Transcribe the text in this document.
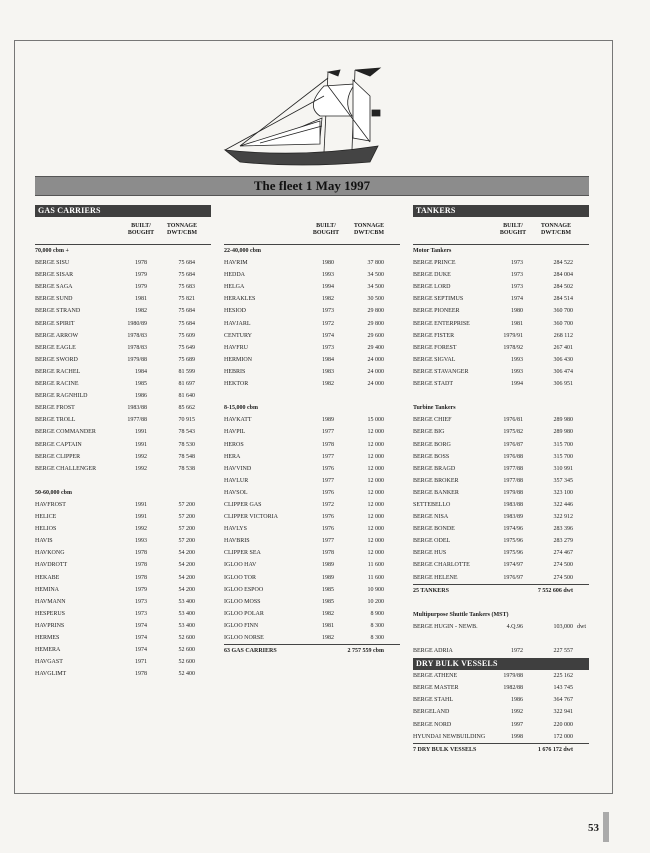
The fleet 1 May 1997
GAS CARRIERS
BUILT/
BOUGHT
TONNAGE
DWT/CBM
70,000 cbm +
BERGE SISU	1978	75 684
BERGE SISAR	1979	75 684
BERGE SAGA	1979	75 683
BERGE SUND	1981	75 821
BERGE STRAND	1982	75 684
BERGE SPIRIT	1980/89	75 684
BERGE ARROW	1978/83	75 609
BERGE EAGLE	1978/83	75 649
BERGE SWORD	1979/88	75 689
BERGE RACHEL	1984	81 599
BERGE RACINE	1985	81 697
BERGE RAGNHILD	1986	81 640
BERGE FROST	1983/88	85 662
BERGE TROLL	1977/88	70 915
BERGE COMMANDER	1991	78 543
BERGE CAPTAIN	1991	78 530
BERGE CLIPPER	1992	78 548
BERGE CHALLENGER	1992	78 538
50-60,000 cbm
HAVFROST	1991	57 200
HELICE	1991	57 200
HELIOS	1992	57 200
HAVIS	1993	57 200
HAVKONG	1978	54 200
HAVDROTT	1978	54 200
HEKABE	1978	54 200
HEMINA	1979	54 200
HAVMANN	1973	53 400
HESPERUS	1973	53 400
HAVPRINS	1974	53 400
HERMES	1974	52 600
HEMERA	1974	52 600
HAVGAST	1971	52 600
HAVGLIMT	1978	52 400
BUILT/
BOUGHT
TONNAGE
DWT/CBM
22-40,000 cbm
HAVRIM	1980	37 800
HEDDA	1993	34 500
HELGA	1994	34 500
HERAKLES	1982	30 500
HESIOD	1973	29 800
HAVJARL	1972	29 800
CENTURY	1974	29 600
HAVFRU	1973	29 400
HERMION	1984	24 000
HEBRIS	1983	24 000
HEKTOR	1982	24 000
8-15,000 cbm
HAVKATT	1989	15 000
HAVPIL	1977	12 000
HEROS	1978	12 000
HERA	1977	12 000
HAVVIND	1976	12 000
HAVLUR	1977	12 000
HAVSOL	1976	12 000
CLIPPER GAS	1972	12 000
CLIPPER VICTORIA	1976	12 000
HAVLYS	1976	12 000
HAVBRIS	1977	12 000
CLIPPER SEA	1978	12 000
IGLOO HAV	1989	11 600
IGLOO TOR	1989	11 600
IGLOO ESPOO	1985	10 900
IGLOO MOSS	1985	10 200
IGLOO POLAR	1982	8 900
IGLOO FINN	1981	8 300
IGLOO NORSE	1982	8 300
63 GAS CARRIERS	2 757 559 cbm
TANKERS
BUILT/
BOUGHT
TONNAGE
DWT/CBM
Motor Tankers
BERGE PRINCE	1973	284 522
BERGE DUKE	1973	284 004
BERGE LORD	1973	284 502
BERGE SEPTIMUS	1974	284 514
BERGE PIONEER	1980	360 700
BERGE ENTERPRISE	1981	360 700
BERGE FISTER	1979/91	268 112
BERGE FOREST	1978/92	267 401
BERGE SIGVAL	1993	306 430
BERGE STAVANGER	1993	306 474
BERGE STADT	1994	306 951
Turbine Tankers
BERGE CHIEF	1976/81	289 980
BERGE BIG	1975/82	289 980
BERGE BORG	1976/87	315 700
BERGE BOSS	1976/88	315 700
BERGE BRAGD	1977/88	310 991
BERGE BROKER	1977/88	357 345
BERGE BANKER	1979/88	323 100
SETTEBELLO	1983/88	322 446
BERGE NISA	1983/89	322 912
BERGE BONDE	1974/96	283 396
BERGE ODEL	1975/96	283 279
BERGE HUS	1975/96	274 467
BERGE CHARLOTTE	1974/97	274 500
BERGE HELENE	1976/97	274 500
25 TANKERS	7 552 606 dwt
Multipurpose Shuttle Tankers (MST)
BERGE HUGIN - NEWB.	4.Q.96	103,000 dwt
BERGE ADRIA	1972	227 557
DRY BULK VESSELS
BERGE ATHENE	1979/88	225 162
BERGE MASTER	1982/88	143 745
BERGE STAHL	1986	364 767
BERGELAND	1992	322 941
BERGE NORD	1997	220 000
HYUNDAI NEWBUILDING	1998	172 000
7 DRY BULK VESSELS	1 676 172 dwt
53
